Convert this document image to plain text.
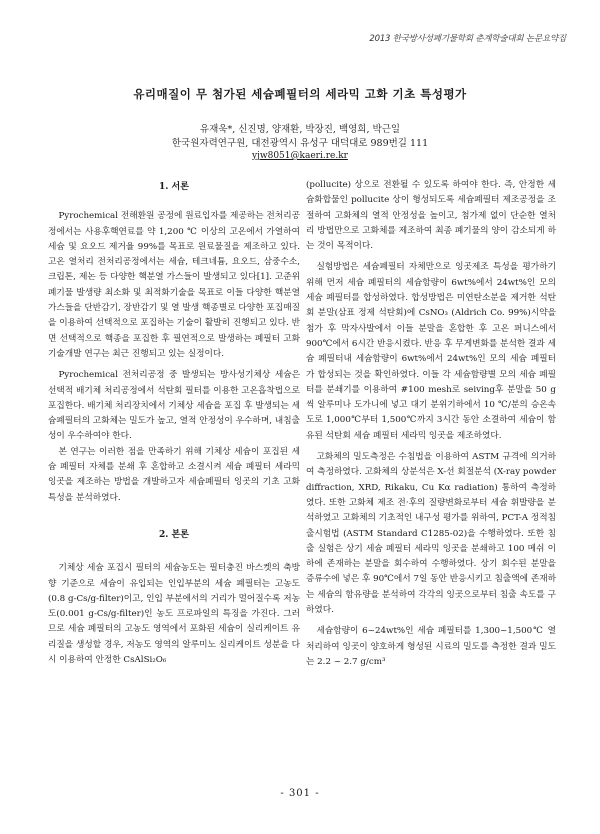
2013 한국방사성폐기물학회 춘계학술대회 논문요약집
유리매질이 무 첨가된 세슘폐필터의 세라믹 고화 기초 특성평가
유재욱*, 신진명, 양재환, 박장진, 백영희, 박근일
한국원자력연구원, 대전광역시 유성구 대덕대로 989번길 111
yjw8051@kaeri.re.kr
1. 서론

Pyrochemical 전해환원 공정에 원료입자를 제공하는 전처리공정에서는 사용후핵연료를 약 1,200 ℃ 이상의 고온에서 가열하여 세슘 및 요오드 제거율 99%를 목표로 원료물질을 제조하고 있다. 고온 열처리 전처리공정에서는 세슘, 테크네튬, 요오드, 삼중수소, 크립톤, 제논 등 다양한 핵분열 가스들이 발생되고 있다[1]. 고준위폐기물 발생량 최소화 및 최적화기술을 목표로 이들 다양한 핵분열 가스들을 단반감기, 장반감기 및 열 발생 핵종별로 다양한 포집매질을 이용하여 선택적으로 포집하는 기술이 활발히 진행되고 있다. 반면 선택적으로 핵종을 포집한 후 필연적으로 발생하는 폐필터 고화기술개발 연구는 최근 진행되고 있는 실정이다.

Pyrochemical 전처리공정 중 발생되는 방사성기체상 세슘은 선택적 배기체 처리공정에서 석탄회 필터를 이용한 고온흡착법으로 포집한다. 배기체 처리장치에서 기체상 세슘을 포집 후 발생되는 세슘폐필터의 고화체는 밀도가 높고, 열적 안정성이 우수하며, 내침출성이 우수하여야 한다.

본 연구는 이러한 점을 만족하기 위해 기체상 세슘이 포집된 세슘 폐필터 자체를 분쇄 후 혼합하고 소결시켜 세슘 폐필터 세라믹 잉곳을 제조하는 방법을 개발하고자 세슘폐필터 잉곳의 기초 고화특성을 분석하였다.

2. 본론

기체상 세슘 포집시 필터의 세슘농도는 필터충진 바스켓의 축방향 기준으로 세슘이 유입되는 인입부분의 세슘 폐필터는 고농도(0.8 g-Cs/g-filter)이고, 인입 부분에서의 거리가 멀어질수록 저농도(0.001 g-Cs/g-filter)인 농도 프로파일의 특징을 가진다. 그러므로 세슘 폐필터의 고농도 영역에서 포화된 세슘이 실리케이트 유리질을 생성할 경우, 저농도 영역의 알루미노 실리케이트 성분을 다시 이용하여 안정한 CsAlSi₂O₆

(pollucite) 상으로 전환될 수 있도록 하여야 한다. 즉, 안정한 세슘화합물인 pollucite 상이 형성되도록 세슘폐필터 제조공정을 조절하여 고화체의 열적 안정성을 높이고, 첨가제 없이 단순한 열처리 방법만으로 고화체를 제조하여 최종 폐기물의 양이 감소되게 하는 것이 목적이다.

실험방법은 세슘폐필터 자체만으로 잉곳제조 특성을 평가하기 위해 먼저 세슘 폐필터의 세슘함량이 6wt%에서 24wt%인 모의 세슘 폐필터를 합성하였다. 합성방법은 미연탄소분을 제거한 석탄회 분말(삼표 정제 석탄회)에 CsNO₃ (Aldrich Co. 99%)시약을 첨가 후 막자사발에서 이들 분말을 혼합한 후 고온 퍼니스에서 900℃에서 6시간 반응시켰다. 반응 후 무게변화를 분석한 결과 세슘 폐필터내 세슘함량이 6wt%에서 24wt%인 모의 세슘 폐필터가 합성되는 것을 확인하였다. 이들 각 세슘함량별 모의 세슘 폐필터를 분쇄기를 이용하여 #100 mesh로 seiving후 분말을 50 g씩 알루미나 도가니에 넣고 대기 분위기하에서 10 ℃/분의 승온속도로 1,000℃부터 1,500℃까지 3시간 동안 소결하여 세슘이 함유된 석탄회 세슘 폐필터 세라믹 잉곳을 제조하였다.

고화체의 밀도측정은 수침법을 이용하여 ASTM 규격에 의거하여 측정하였다. 고화체의 상분석은 X-선 회절분석 (X-ray powder diffraction, XRD, Rikaku, Cu Kα radiation) 통하여 측정하였다. 또한 고화체 제조 전·후의 질량변화로부터 세슘 휘발량을 분석하였고 고화체의 기초적인 내구성 평가를 위하여, PCT-A 정적침출시험법 (ASTM Standard C1285-02)을 수행하였다. 또한 침출 실험은 상기 세슘 폐필터 세라믹 잉곳을 분쇄하고 100 메쉬 이하에 존재하는 분말을 회수하여 수행하였다. 상기 회수된 분말을 증류수에 넣은 후 90℃에서 7일 동안 반응시키고 침출액에 존재하는 세슘의 함유량을 분석하여 각각의 잉곳으로부터 침출 속도를 구하였다.

세슘함량이 6~24wt%인 세슘 폐필터를 1,300~1,500℃ 열처리하여 잉곳이 양호하게 형성된 시료의 밀도를 측정한 결과 밀도는 2.2 ~ 2.7 g/cm³

- 301 -
